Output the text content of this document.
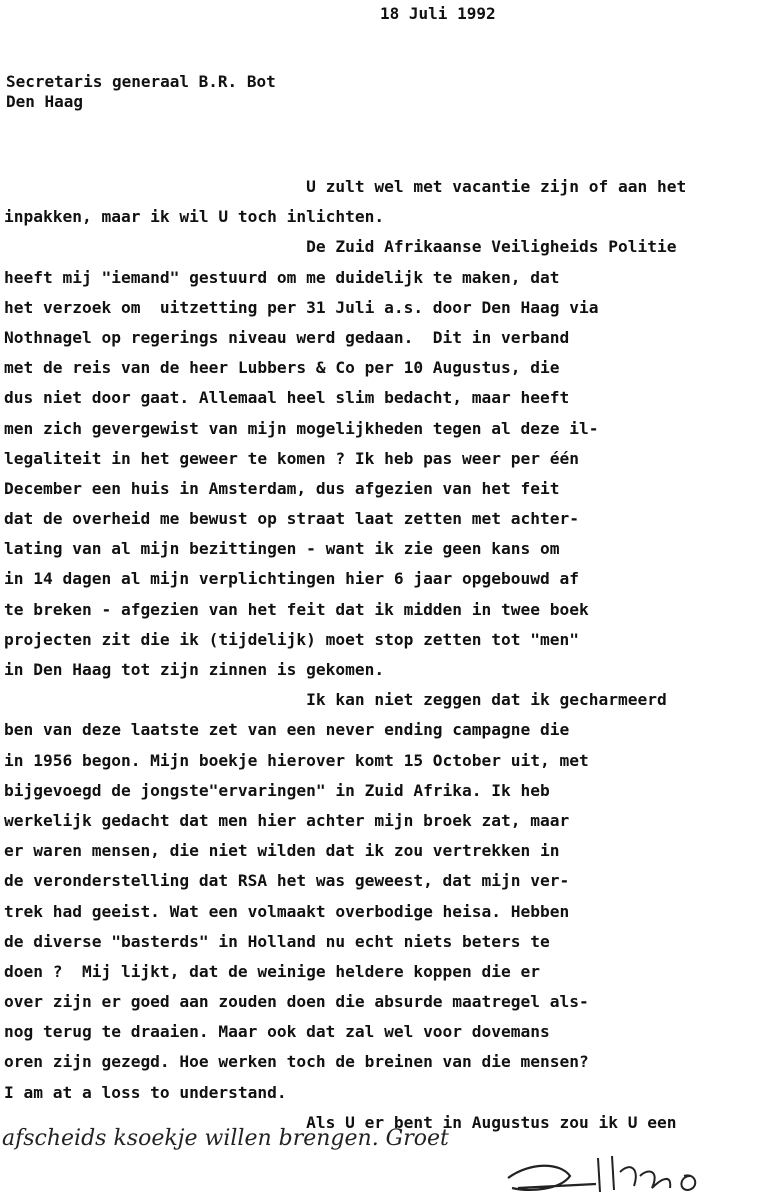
18 Juli 1992
Secretaris generaal B.R. Bot
Den Haag
U zult wel met vacantie zijn of aan het
inpakken, maar ik wil U toch inlichten.
De Zuid Afrikaanse Veiligheids Politie
heeft mij "iemand" gestuurd om me duidelijk te maken, dat
het verzoek om  uitzetting per 31 Juli a.s. door Den Haag via
Nothnagel op regerings niveau werd gedaan.  Dit in verband
met de reis van de heer Lubbers & Co per 10 Augustus, die
dus niet door gaat. Allemaal heel slim bedacht, maar heeft
men zich gevergewist van mijn mogelijkheden tegen al deze il-
legaliteit in het geweer te komen ? Ik heb pas weer per één
December een huis in Amsterdam, dus afgezien van het feit
dat de overheid me bewust op straat laat zetten met achter-
lating van al mijn bezittingen - want ik zie geen kans om
in 14 dagen al mijn verplichtingen hier 6 jaar opgebouwd af
te breken - afgezien van het feit dat ik midden in twee boek
projecten zit die ik (tijdelijk) moet stop zetten tot "men"
in Den Haag tot zijn zinnen is gekomen.
Ik kan niet zeggen dat ik gecharmeerd
ben van deze laatste zet van een never ending campagne die
in 1956 begon. Mijn boekje hierover komt 15 October uit, met
bijgevoegd de jongste"ervaringen" in Zuid Afrika. Ik heb
werkelijk gedacht dat men hier achter mijn broek zat, maar
er waren mensen, die niet wilden dat ik zou vertrekken in
de veronderstelling dat RSA het was geweest, dat mijn ver-
trek had geeist. Wat een volmaakt overbodige heisa. Hebben
de diverse "basterds" in Holland nu echt niets beters te
doen ?  Mij lijkt, dat de weinige heldere koppen die er
over zijn er goed aan zouden doen die absurde maatregel als-
nog terug te draaien. Maar ook dat zal wel voor dovemans
oren zijn gezegd. Hoe werken toch de breinen van die mensen?
I am at a loss to understand.
Als U er bent in Augustus zou ik U een
afscheids ksoekje willen brengen. Groet
